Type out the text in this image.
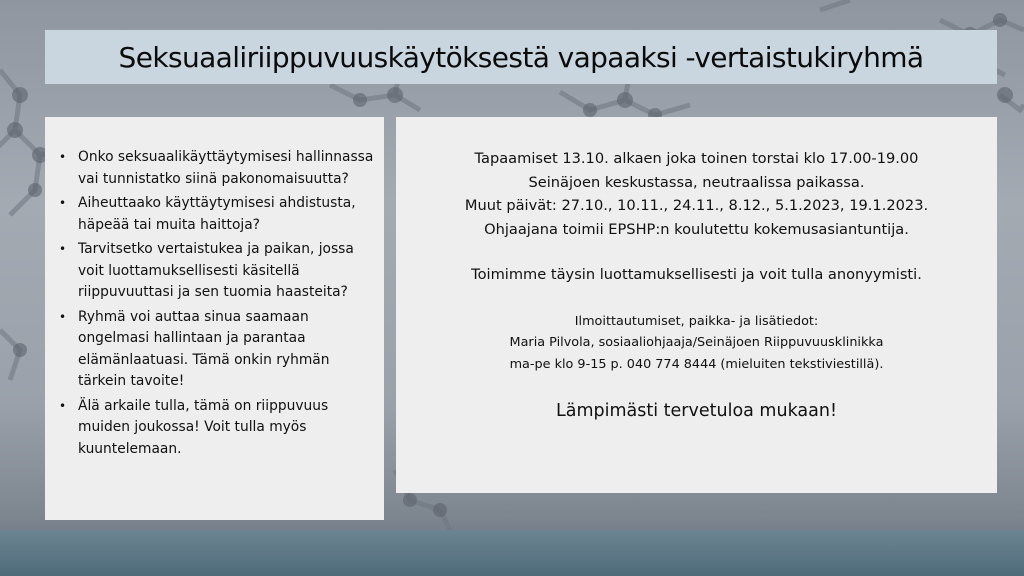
Seksuaaliriippuvuuskäytöksestä vapaaksi -vertaistukiryhmä
• Onko seksuaalikäyttäytymisesi hallinnassa vai tunnistatko siinä pakonomaisuutta?
• Aiheuttaako käyttäytymisesi ahdistusta, häpeää tai muita haittoja?
• Tarvitsetko vertaistukea ja paikan, jossa voit luottamuksellisesti käsitellä riippuvuuttasi ja sen tuomia haasteita?
• Ryhmä voi auttaa sinua saamaan ongelmasi hallintaan ja parantaa elämänlaatuasi. Tämä onkin ryhmän tärkein tavoite!
• Älä arkaile tulla, tämä on riippuvuus muiden joukossa! Voit tulla myös kuuntelemaan.
Tapaamiset 13.10. alkaen joka toinen torstai klo 17.00-19.00
Seinäjoen keskustassa, neutraalissa paikassa.
Muut päivät: 27.10., 10.11., 24.11., 8.12., 5.1.2023, 19.1.2023.
Ohjaajana toimii EPSHP:n koulutettu kokemusasiantuntija.
Toimimme täysin luottamuksellisesti ja voit tulla anonyymisti.
Ilmoittautumiset, paikka- ja lisätiedot:
Maria Pilvola, sosiaaliohjaaja/Seinäjoen Riippuvuusklinikka
ma-pe klo 9-15 p. 040 774 8444 (mieluiten tekstiviestillä).
Lämpimästi tervetuloa mukaan!
